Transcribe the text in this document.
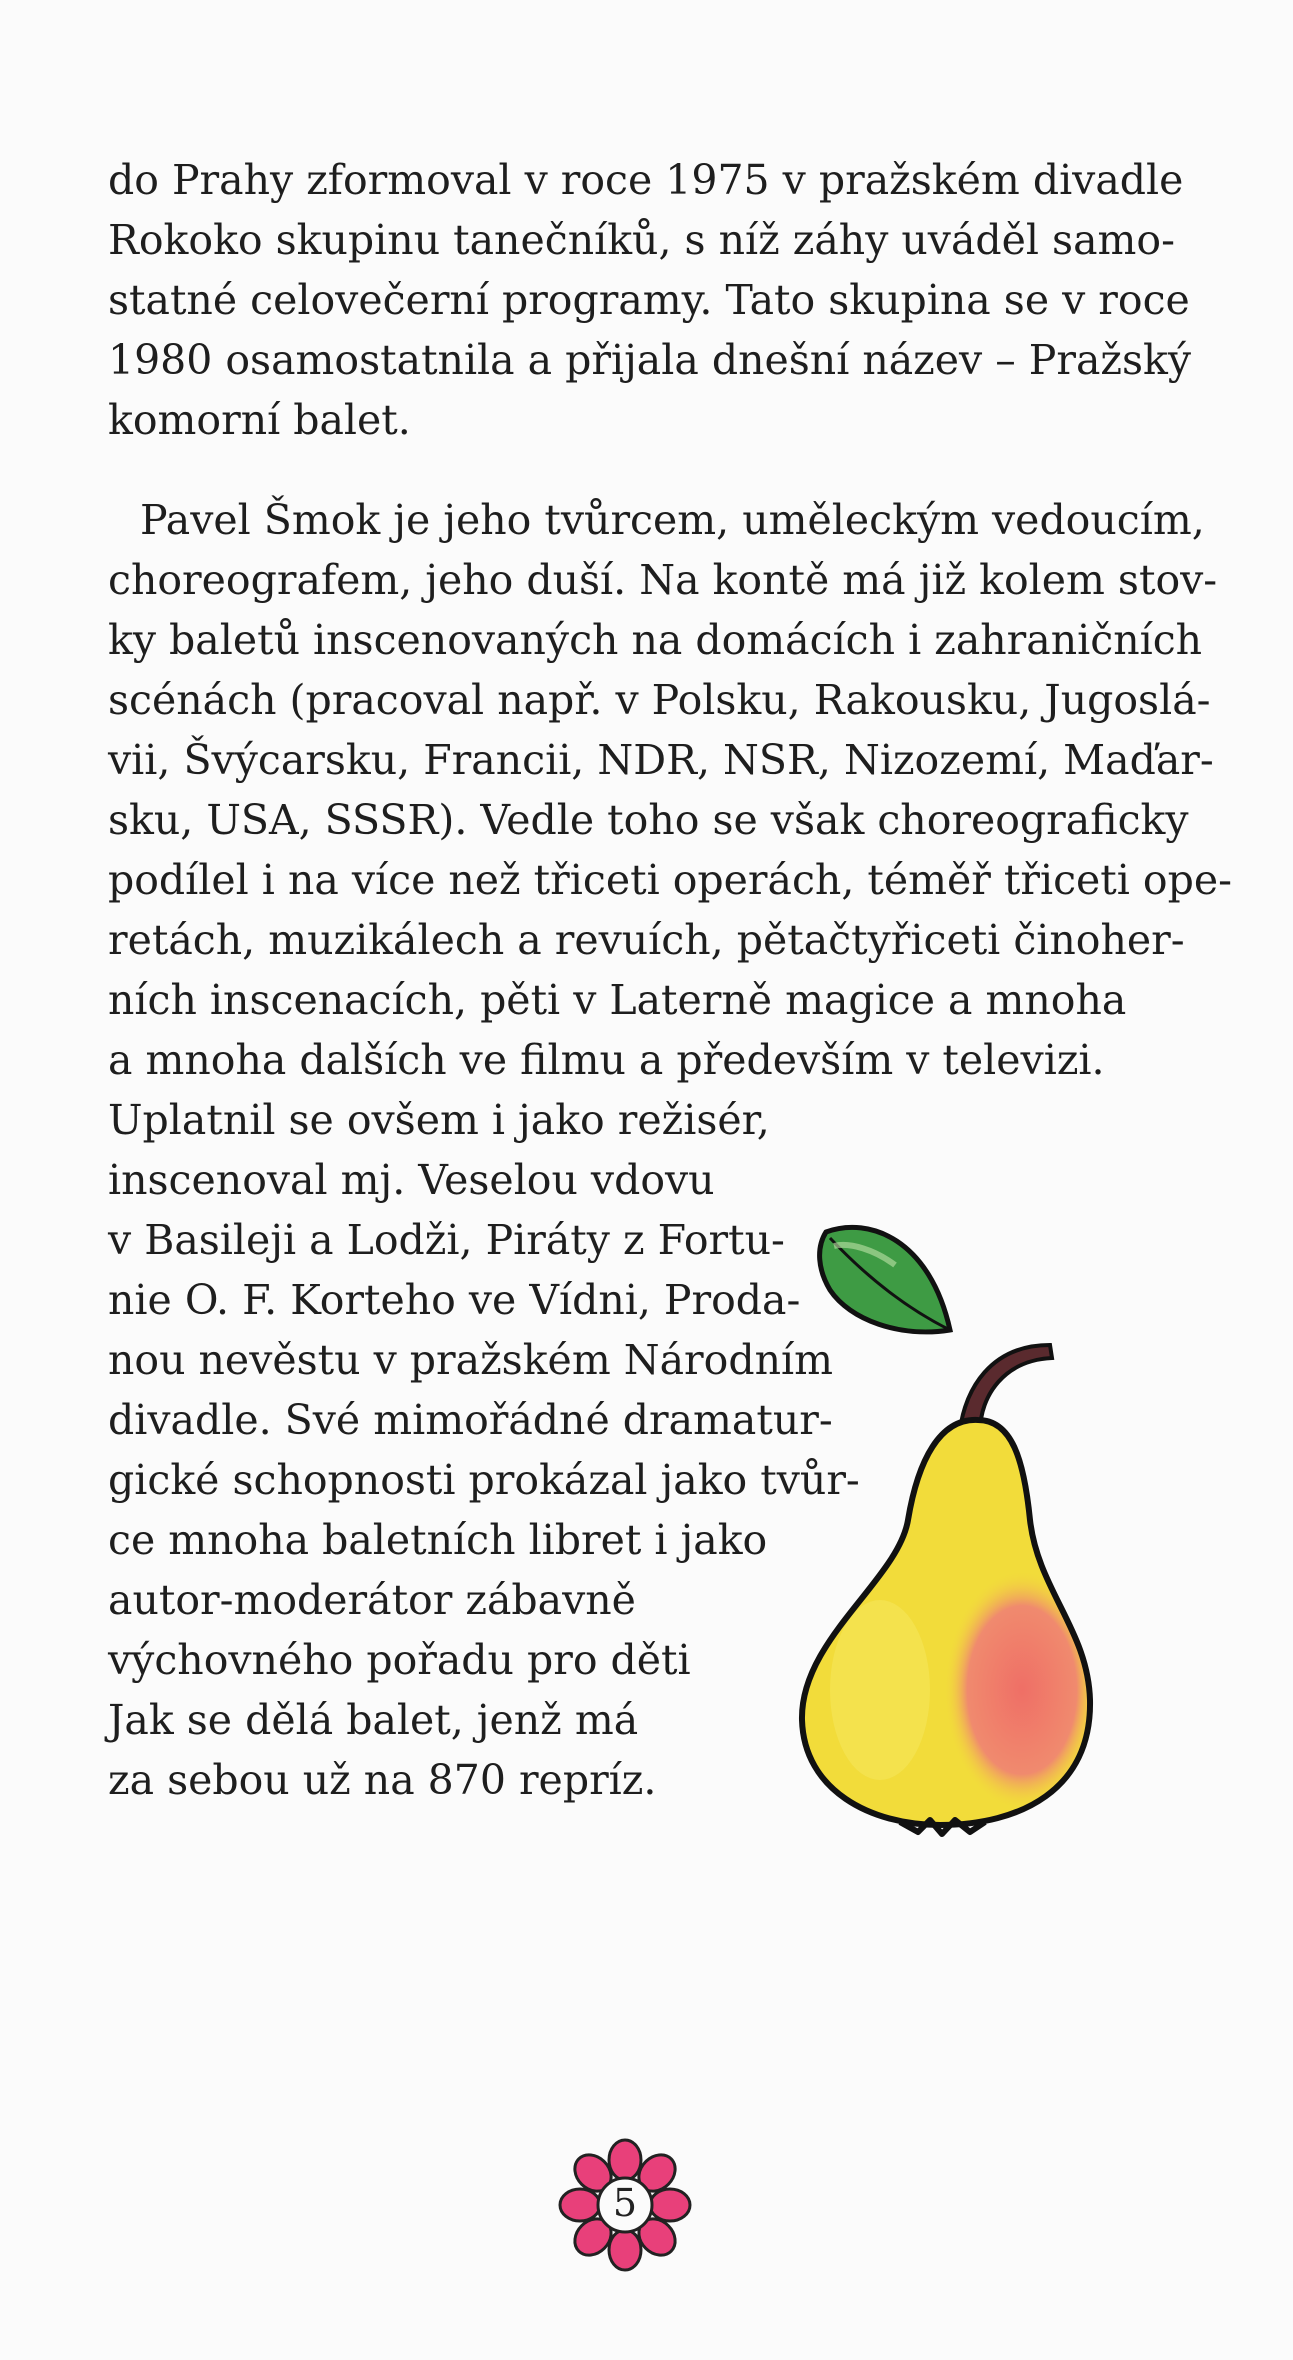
do Prahy zformoval v roce 1975 v pražském divadle
Rokoko skupinu tanečníků, s níž záhy uváděl samo-
statné celovečerní programy. Tato skupina se v roce
1980 osamostatnila a přijala dnešní název – Pražský
komorní balet.
Pavel Šmok je jeho tvůrcem, uměleckým vedoucím,
choreografem, jeho duší. Na kontě má již kolem stov-
ky baletů inscenovaných na domácích i zahraničních
scénách (pracoval např. v Polsku, Rakousku, Jugoslá-
vii, Švýcarsku, Francii, NDR, NSR, Nizozemí, Maďar-
sku, USA, SSSR). Vedle toho se však choreograficky
podílel i na více než třiceti operách, téměř třiceti ope-
retách, muzikálech a revuích, pětačtyřiceti činoher-
ních inscenacích, pěti v Laterně magice a mnoha
a mnoha dalších ve filmu a především v televizi.
Uplatnil se ovšem i jako režisér,
inscenoval mj. Veselou vdovu
v Basileji a Lodži, Piráty z Fortu-
nie O. F. Korteho ve Vídni, Proda-
nou nevěstu v pražském Národním
divadle. Své mimořádné dramatur-
gické schopnosti prokázal jako tvůr-
ce mnoha baletních libret i jako
autor-moderátor zábavně
výchovného pořadu pro děti
Jak se dělá balet, jenž má
za sebou už na 870 repríz.
5
